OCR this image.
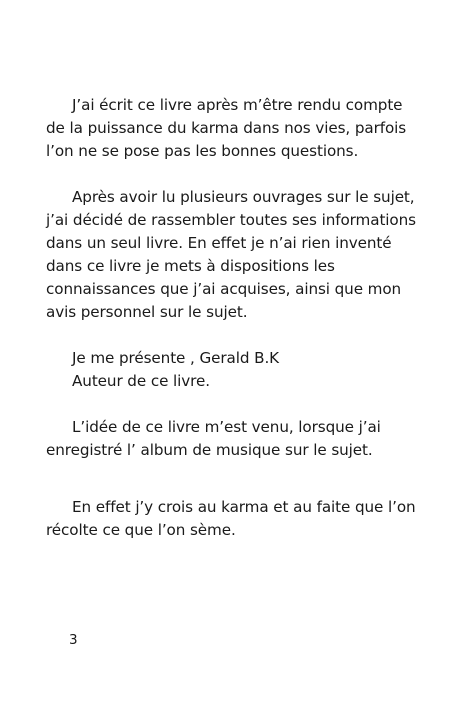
J’ai écrit ce livre après m’être rendu compte
de la puissance du karma dans nos vies, parfois
l’on ne se pose pas les bonnes questions.

Après avoir lu plusieurs ouvrages sur le sujet,
j’ai décidé de rassembler toutes ses informations
dans un seul livre. En effet je n’ai rien inventé
dans ce livre je mets à dispositions les
connaissances que j’ai acquises, ainsi que mon
avis personnel sur le sujet.

Je me présente , Gerald B.K
Auteur de ce livre.

L’idée de ce livre m’est venu, lorsque j’ai
enregistré l’ album de musique sur le sujet.

En effet j’y crois au karma et au faite que l’on
récolte ce que l’on sème.

3
